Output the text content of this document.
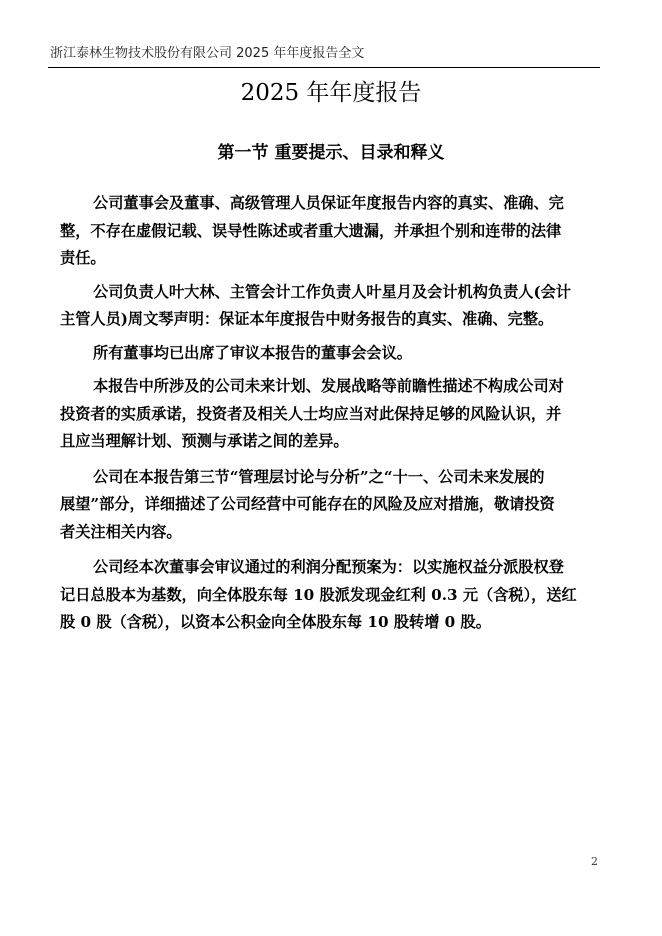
浙江泰林生物技术股份有限公司 2025 年年度报告全文
2025 年年度报告
第一节 重要提示、目录和释义

公司董事会及董事、高级管理人员保证年度报告内容的真实、准确、完
整，不存在虚假记载、误导性陈述或者重大遗漏，并承担个别和连带的法律
责任。

公司负责人叶大林、主管会计工作负责人叶星月及会计机构负责人(会计
主管人员)周文琴声明：保证本年度报告中财务报告的真实、准确、完整。

所有董事均已出席了审议本报告的董事会会议。

本报告中所涉及的公司未来计划、发展战略等前瞻性描述不构成公司对
投资者的实质承诺，投资者及相关人士均应当对此保持足够的风险认识，并
且应当理解计划、预测与承诺之间的差异。

公司在本报告第三节“管理层讨论与分析”之“十一、公司未来发展的
展望”部分，详细描述了公司经营中可能存在的风险及应对措施，敬请投资
者关注相关内容。

公司经本次董事会审议通过的利润分配预案为：以实施权益分派股权登
记日总股本为基数，向全体股东每 10 股派发现金红利 0.3 元（含税），送红
股 0 股（含税），以资本公积金向全体股东每 10 股转增 0 股。

2
